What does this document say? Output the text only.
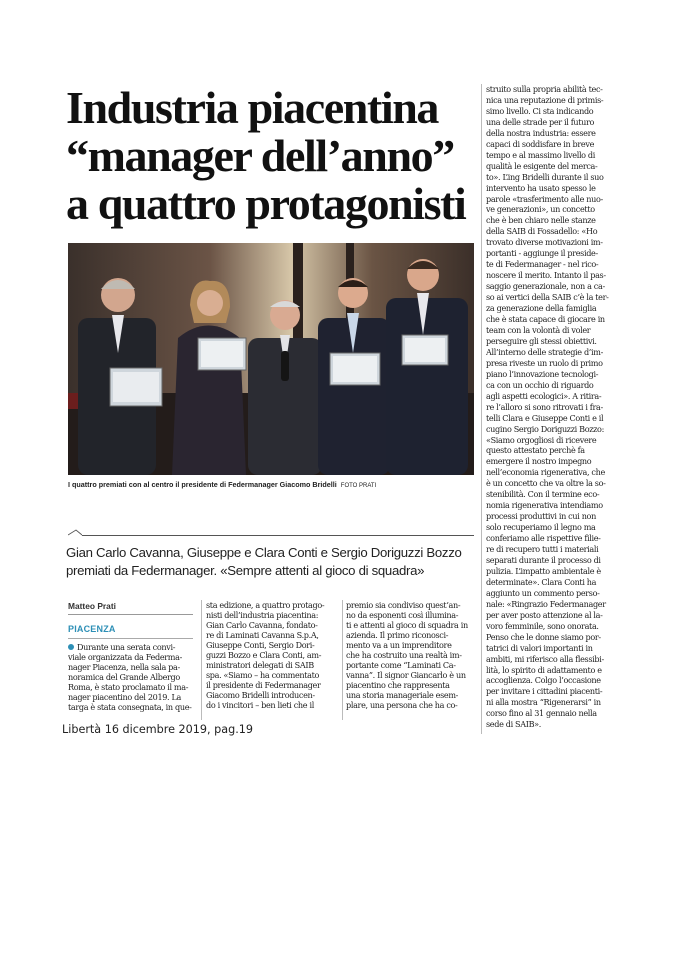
Industria piacentina
“manager dell’anno”
a quattro protagonisti
I quattro premiati con al centro il presidente di Federmanager Giacomo Bridelli FOTO PRATI
Gian Carlo Cavanna, Giuseppe e Clara Conti e Sergio Doriguzzi Bozzo
premiati da Federmanager. «Sempre attenti al gioco di squadra»
Matteo Prati
PIACENZA
Durante una serata convi-
viale organizzata da Federma-
nager Piacenza, nella sala pa-
noramica del Grande Albergo
Roma, è stato proclamato il ma-
nager piacentino del 2019. La
targa è stata consegnata, in que-
sta edizione, a quattro protago-
nisti dell’industria piacentina:
Gian Carlo Cavanna, fondato-
re di Laminati Cavanna S.p.A,
Giuseppe Conti, Sergio Dori-
guzzi Bozzo e Clara Conti, am-
ministratori delegati di SAIB
spa. «Siamo – ha commentato
il presidente di Federmanager
Giacomo Bridelli introducen-
do i vincitori – ben lieti che il
premio sia condiviso quest’an-
no da esponenti così illumina-
ti e attenti al gioco di squadra in
azienda. Il primo riconosci-
mento va a un imprenditore
che ha costruito una realtà im-
portante come “Laminati Ca-
vanna”. Il signor Giancarlo è un
piacentino che rappresenta
una storia manageriale esem-
plare, una persona che ha co-
struito sulla propria abilità tec-
nica una reputazione di primis-
simo livello. Ci sta indicando
una delle strade per il futuro
della nostra industria: essere
capaci di soddisfare in breve
tempo e al massimo livello di
qualità le esigente del merca-
to». L’ing Bridelli durante il suo
intervento ha usato spesso le
parole «trasferimento alle nuo-
ve generazioni», un concetto
che è ben chiaro nelle stanze
della SAIB di Fossadello: «Ho
trovato diverse motivazioni im-
portanti - aggiunge il preside-
te di Federmanager - nel rico-
noscere il merito. Intanto il pas-
saggio generazionale, non a ca-
so ai vertici della SAIB c’è la ter-
za generazione della famiglia
che è stata capace di giocare in
team con la volontà di voler
perseguire gli stessi obiettivi.
All’interno delle strategie d’im-
presa riveste un ruolo di primo
piano l’innovazione tecnologi-
ca con un occhio di riguardo
agli aspetti ecologici». A ritira-
re l’alloro si sono ritrovati i fra-
telli Clara e Giuseppe Conti e il
cugino Sergio Doriguzzi Bozzo:
«Siamo orgogliosi di ricevere
questo attestato perchè fa
emergere il nostro impegno
nell’economia rigenerativa, che
è un concetto che va oltre la so-
stenibilità. Con il termine eco-
nomia rigenerativa intendiamo
processi produttivi in cui non
solo recuperiamo il legno ma
conferiamo alle rispettive filie-
re di recupero tutti i materiali
separati durante il processo di
pulizia. L’impatto ambientale è
determinate». Clara Conti ha
aggiunto un commento perso-
nale: «Ringrazio Federmanager
per aver posto attenzione al la-
voro femminile, sono onorata.
Penso che le donne siamo por-
tatrici di valori importanti in
ambiti, mi riferisco alla flessibi-
lità, lo spirito di adattamento e
accoglienza. Colgo l’occasione
per invitare i cittadini piacenti-
ni alla mostra “Rigenerarsi” in
corso fino al 31 gennaio nella
sede di SAIB».
Libertà 16 dicembre 2019, pag.19
